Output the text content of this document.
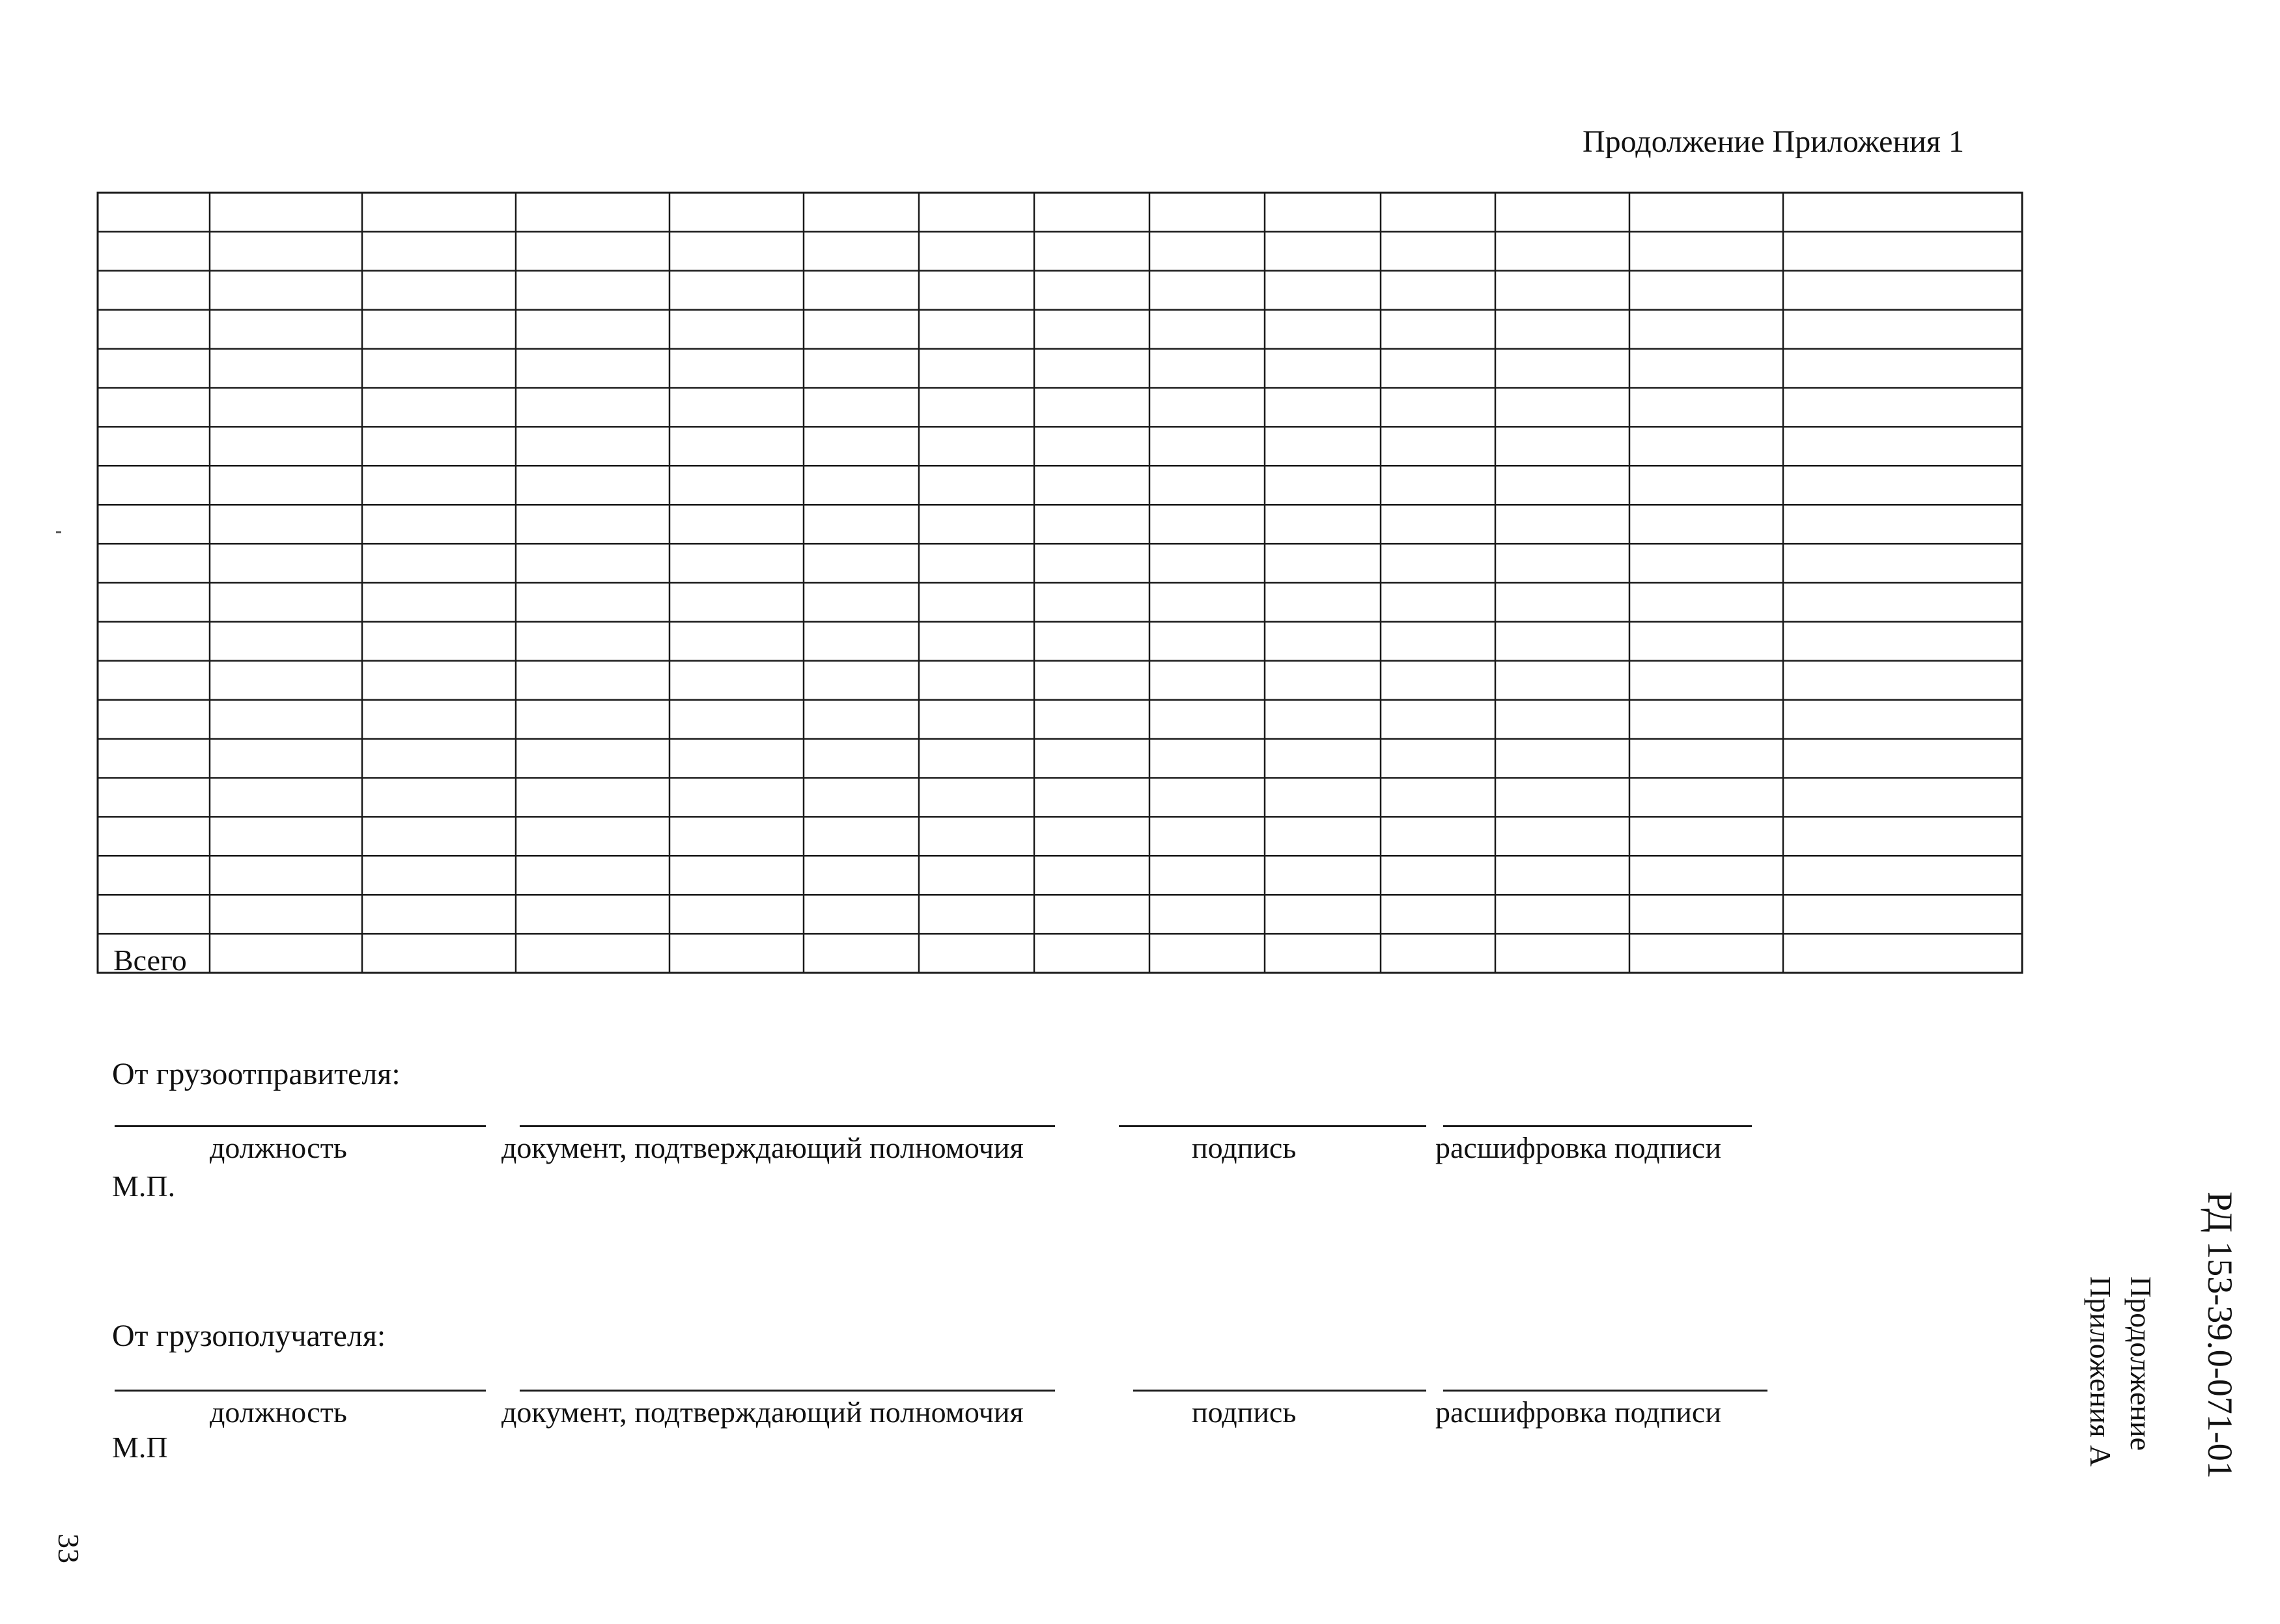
Продолжение Приложения 1
Всего
От грузоотправителя:
должность	документ, подтверждающий полномочия	подпись	расшифровка подписи
М.П.
От грузополучателя:
должность	документ, подтверждающий полномочия	подпись	расшифровка подписи
М.П	РД 153-39.0-071-01
Продолжение
Приложения А
33
